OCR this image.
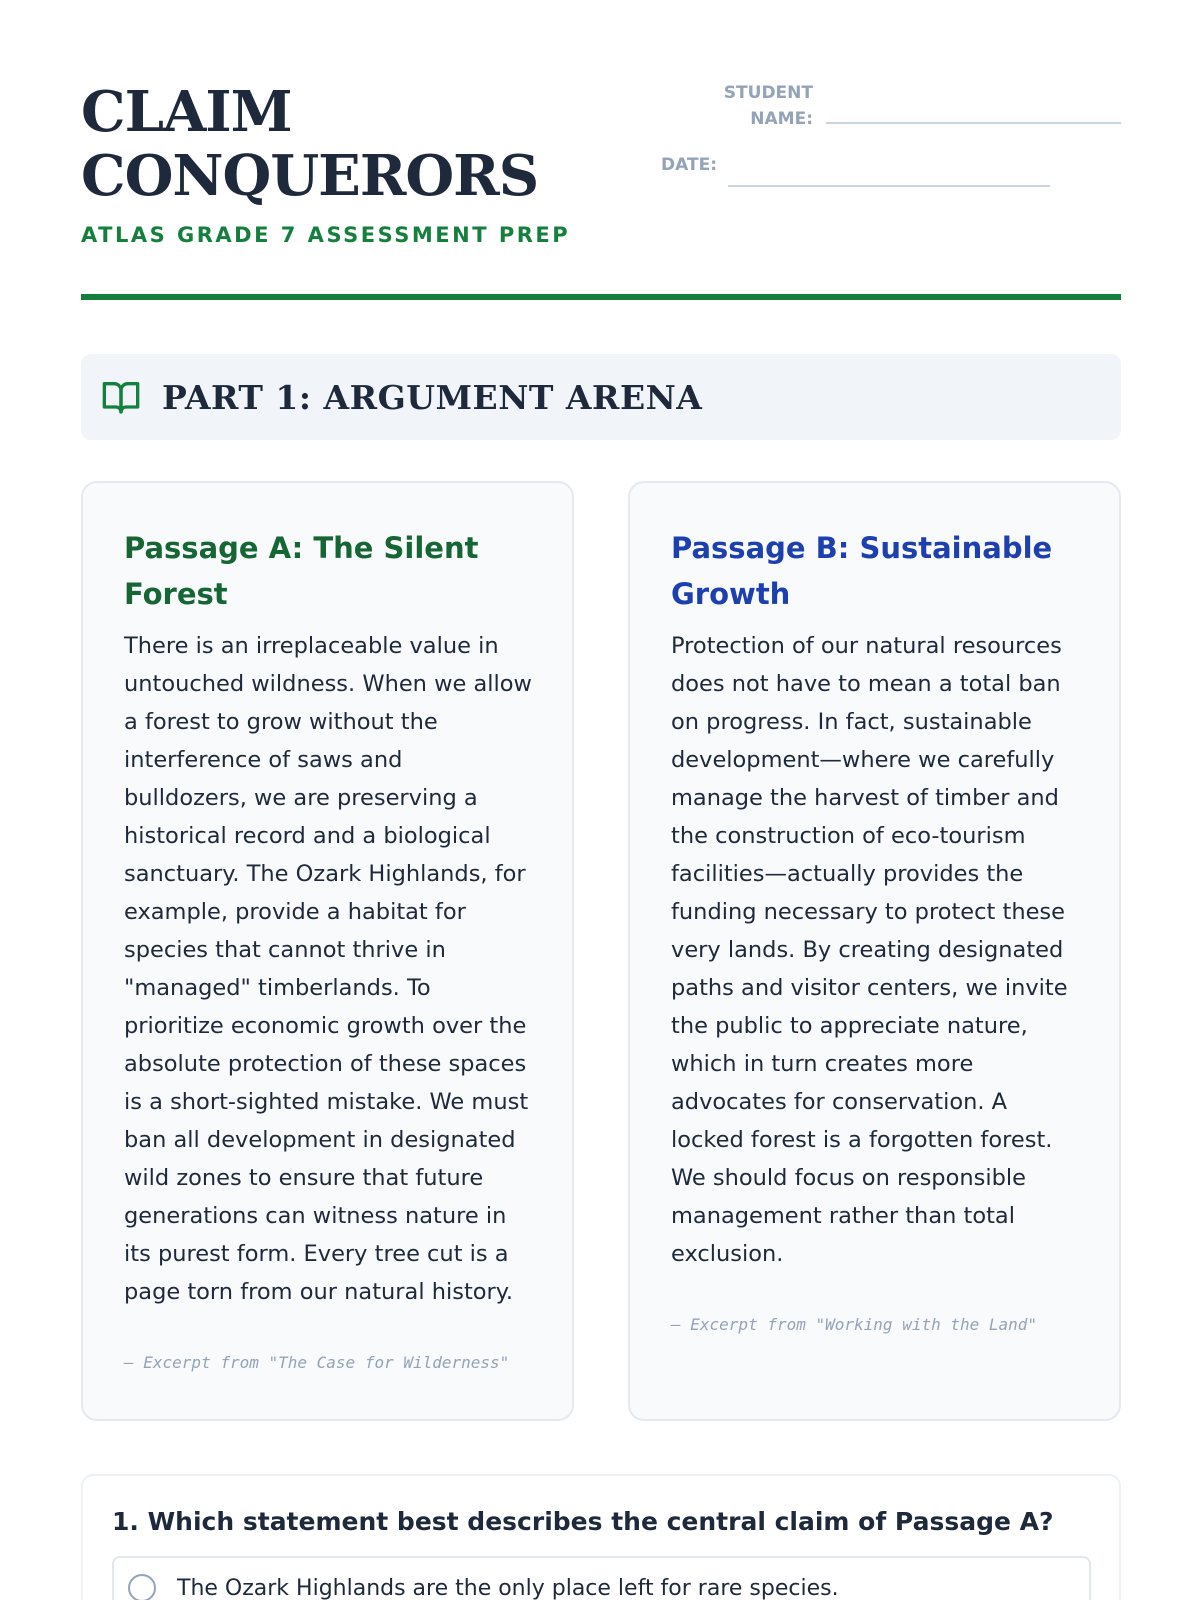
CLAIM CONQUERORS
ATLAS GRADE 7 ASSESSMENT PREP
STUDENT NAME:
DATE:
PART 1: ARGUMENT ARENA
Passage A: The Silent Forest

There is an irreplaceable value in untouched wildness. When we allow a forest to grow without the interference of saws and bulldozers, we are preserving a historical record and a biological sanctuary. The Ozark Highlands, for example, provide a habitat for species that cannot thrive in "managed" timberlands. To prioritize economic growth over the absolute protection of these spaces is a short-sighted mistake. We must ban all development in designated wild zones to ensure that future generations can witness nature in its purest form. Every tree cut is a page torn from our natural history.

— Excerpt from "The Case for Wilderness"
Passage B: Sustainable Growth

Protection of our natural resources does not have to mean a total ban on progress. In fact, sustainable development—where we carefully manage the harvest of timber and the construction of eco-tourism facilities—actually provides the funding necessary to protect these very lands. By creating designated paths and visitor centers, we invite the public to appreciate nature, which in turn creates more advocates for conservation. A locked forest is a forgotten forest. We should focus on responsible management rather than total exclusion.

— Excerpt from "Working with the Land"
1. Which statement best describes the central claim of Passage A?
The Ozark Highlands are the only place left for rare species.
